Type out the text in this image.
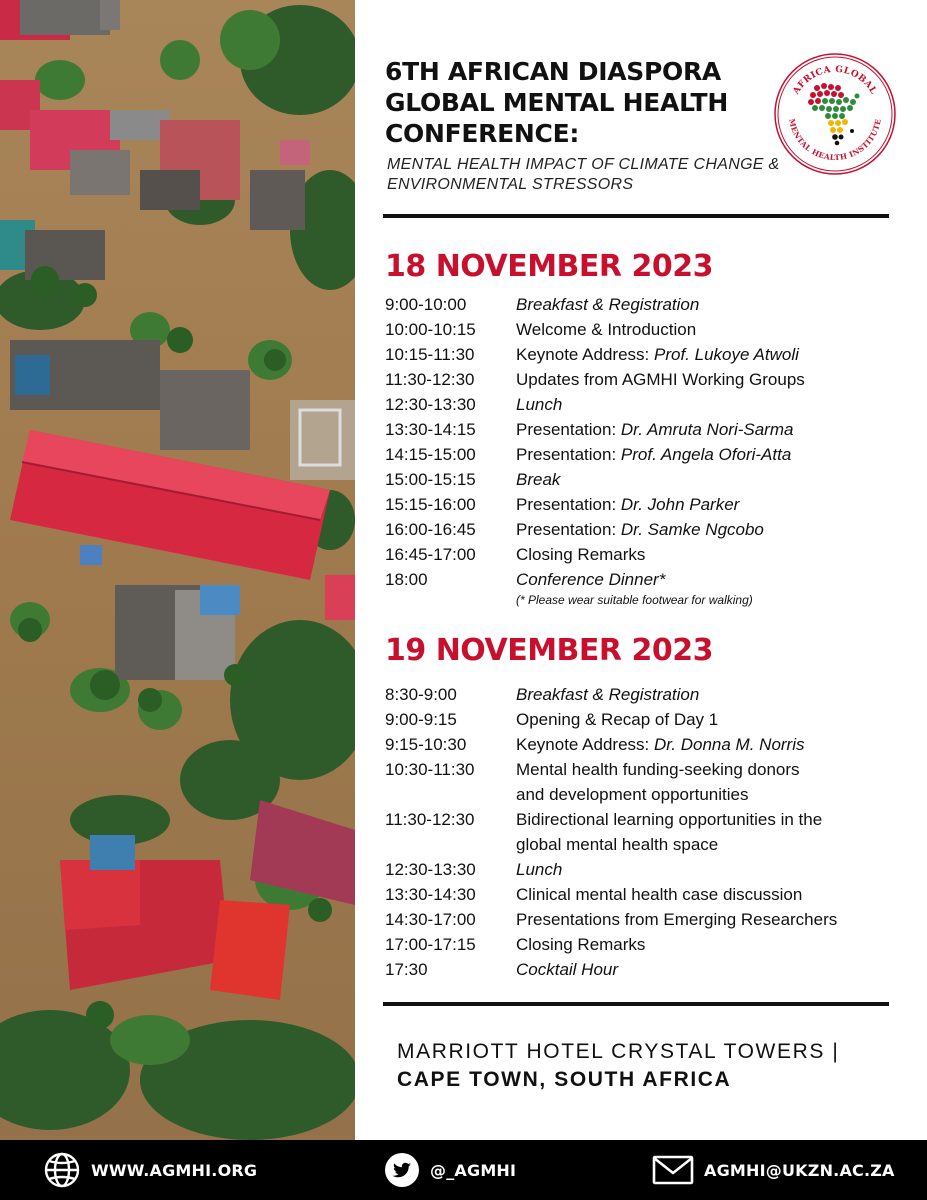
6TH AFRICAN DIASPORA
GLOBAL MENTAL HEALTH
CONFERENCE:
MENTAL HEALTH IMPACT OF CLIMATE CHANGE &
ENVIRONMENTAL STRESSORS
AFRICA GLOBAL
MENTAL HEALTH INSTITUTE
18 NOVEMBER 2023
9:00-10:00	Breakfast & Registration
10:00-10:15	Welcome & Introduction
10:15-11:30	Keynote Address: Prof. Lukoye Atwoli
11:30-12:30	Updates from AGMHI Working Groups
12:30-13:30	Lunch
13:30-14:15	Presentation: Dr. Amruta Nori-Sarma
14:15-15:00	Presentation: Prof. Angela Ofori-Atta
15:00-15:15	Break
15:15-16:00	Presentation: Dr. John Parker
16:00-16:45	Presentation: Dr. Samke Ngcobo
16:45-17:00	Closing Remarks
18:00	Conference Dinner*
(* Please wear suitable footwear for walking)
19 NOVEMBER 2023
8:30-9:00	Breakfast & Registration
9:00-9:15	Opening & Recap of Day 1
9:15-10:30	Keynote Address: Dr. Donna M. Norris
10:30-11:30	Mental health funding-seeking donors
and development opportunities
11:30-12:30	Bidirectional learning opportunities in the
global mental health space
12:30-13:30	Lunch
13:30-14:30	Clinical mental health case discussion
14:30-17:00	Presentations from Emerging Researchers
17:00-17:15	Closing Remarks
17:30	Cocktail Hour
MARRIOTT HOTEL CRYSTAL TOWERS |
CAPE TOWN, SOUTH AFRICA
WWW.AGMHI.ORG	@_AGMHI	AGMHI@UKZN.AC.ZA
